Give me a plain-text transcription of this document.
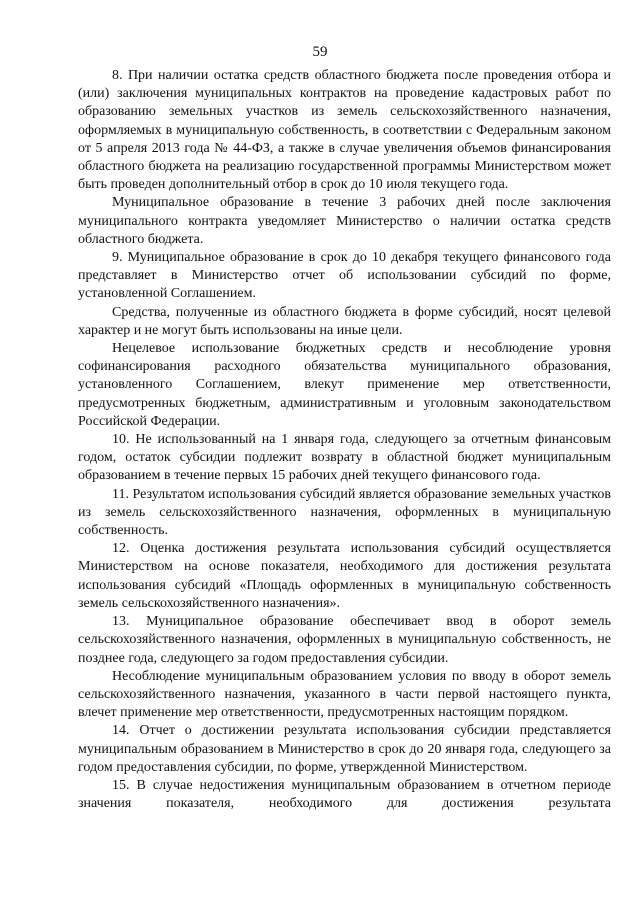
59

8. При наличии остатка средств областного бюджета после проведения отбора и (или) заключения муниципальных контрактов на проведение кадастровых работ по образованию земельных участков из земель сельскохозяйственного назначения, оформляемых в муниципальную собственность, в соответствии с Федеральным законом от 5 апреля 2013 года № 44-ФЗ, а также в случае увеличения объемов финансирования областного бюджета на реализацию государственной программы Министерством может быть проведен дополнительный отбор в срок до 10 июля текущего года.

Муниципальное образование в течение 3 рабочих дней после заключения муниципального контракта уведомляет Министерство о наличии остатка средств областного бюджета.

9. Муниципальное образование в срок до 10 декабря текущего финансового года представляет в Министерство отчет об использовании субсидий по форме, установленной Соглашением.

Средства, полученные из областного бюджета в форме субсидий, носят целевой характер и не могут быть использованы на иные цели.

Нецелевое использование бюджетных средств и несоблюдение уровня софинансирования расходного обязательства муниципального образования, установленного Соглашением, влекут применение мер ответственности, предусмотренных бюджетным, административным и уголовным законодательством Российской Федерации.

10. Не использованный на 1 января года, следующего за отчетным финансовым годом, остаток субсидии подлежит возврату в областной бюджет муниципальным образованием в течение первых 15 рабочих дней текущего финансового года.

11. Результатом использования субсидий является образование земельных участков из земель сельскохозяйственного назначения, оформленных в муниципальную собственность.

12. Оценка достижения результата использования субсидий осуществляется Министерством на основе показателя, необходимого для достижения результата использования субсидий «Площадь оформленных в муниципальную собственность земель сельскохозяйственного назначения».

13. Муниципальное образование обеспечивает ввод в оборот земель сельскохозяйственного назначения, оформленных в муниципальную собственность, не позднее года, следующего за годом предоставления субсидии.

Несоблюдение муниципальным образованием условия по вводу в оборот земель сельскохозяйственного назначения, указанного в части первой настоящего пункта, влечет применение мер ответственности, предусмотренных настоящим порядком.

14. Отчет о достижении результата использования субсидии представляется муниципальным образованием в Министерство в срок до 20 января года, следующего за годом предоставления субсидии, по форме, утвержденной Министерством.

15. В случае недостижения муниципальным образованием в отчетном периоде значения показателя, необходимого для достижения результата
